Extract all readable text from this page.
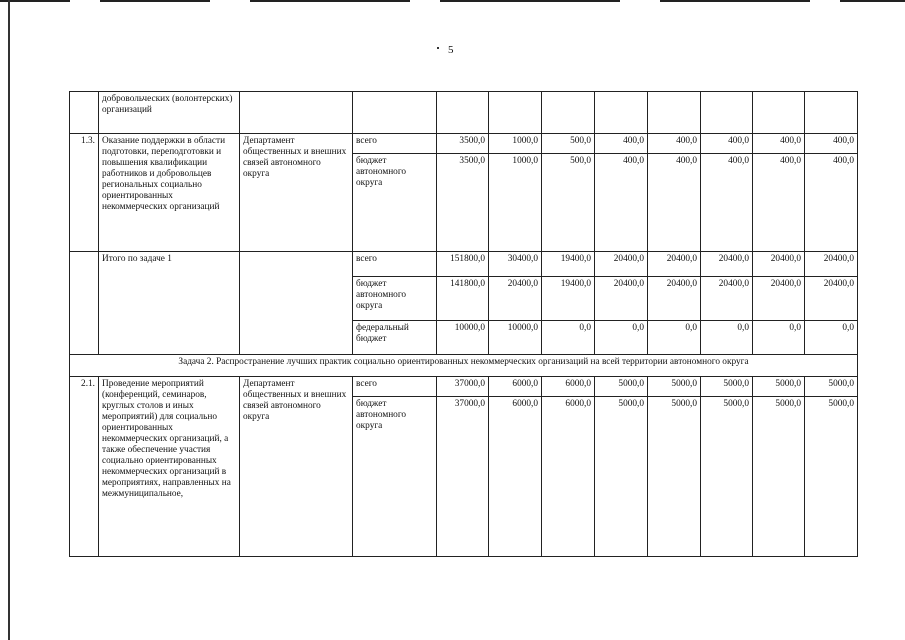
5
	добровольческих (волонтерских) организаций										
1.3.	Оказание поддержки в области подготовки, переподготовки и повышения квалификации работников и добровольцев региональных социально ориентированных некоммерческих организаций	Департамент общественных и внешних связей автономного округа	всего	3500,0	1000,0	500,0	400,0	400,0	400,0	400,0	400,0
			бюджет автономного округа	3500,0	1000,0	500,0	400,0	400,0	400,0	400,0	400,0
	Итого по задаче 1		всего	151800,0	30400,0	19400,0	20400,0	20400,0	20400,0	20400,0	20400,0
			бюджет автономного округа	141800,0	20400,0	19400,0	20400,0	20400,0	20400,0	20400,0	20400,0
			федеральный бюджет	10000,0	10000,0	0,0	0,0	0,0	0,0	0,0	0,0
Задача 2. Распространение лучших практик социально ориентированных некоммерческих организаций на всей территории автономного округа											
2.1.	Проведение мероприятий (конференций, семинаров, круглых столов и иных мероприятий) для социально ориентированных некоммерческих организаций, а также обеспечение участия социально ориентированных некоммерческих организаций в мероприятиях, направленных на межмуниципальное,	Департамент общественных и внешних связей автономного округа	всего	37000,0	6000,0	6000,0	5000,0	5000,0	5000,0	5000,0	5000,0
			бюджет автономного округа	37000,0	6000,0	6000,0	5000,0	5000,0	5000,0	5000,0	5000,0
